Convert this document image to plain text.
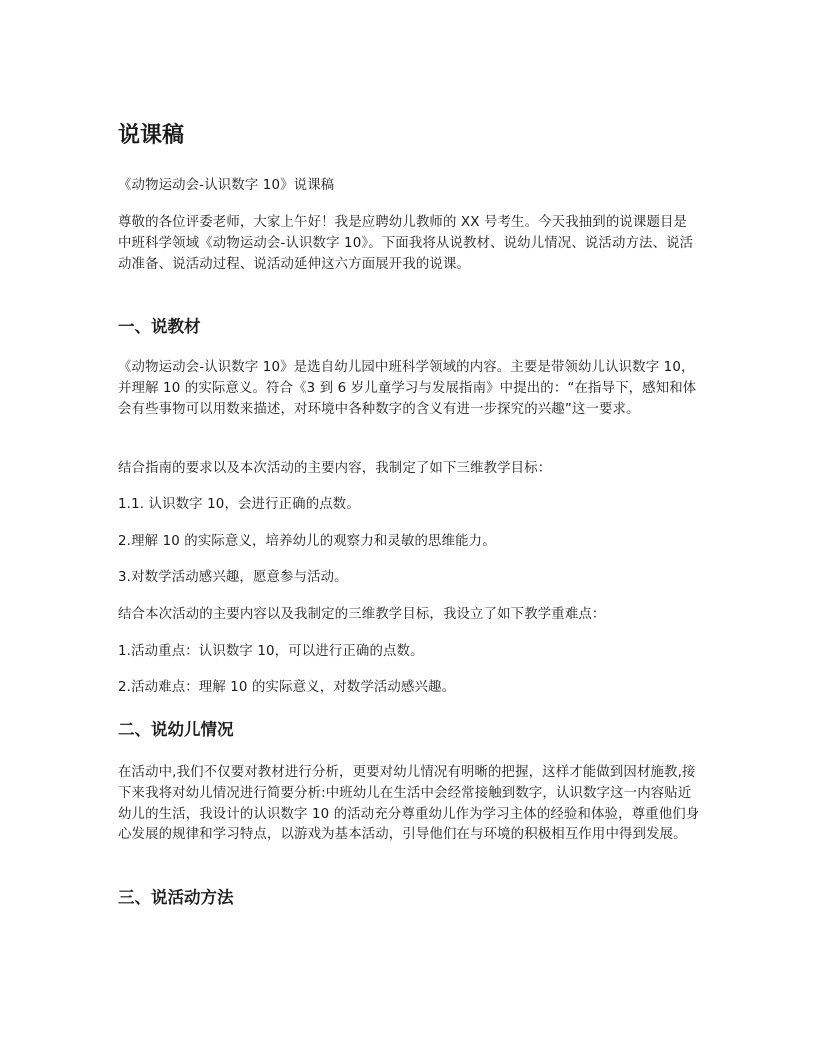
说课稿

《动物运动会-认识数字 10》说课稿

尊敬的各位评委老师，大家上午好！我是应聘幼儿教师的 XX 号考生。今天我抽到的说课题目是中班科学领域《动物运动会-认识数字 10》。下面我将从说教材、说幼儿情况、说活动方法、说活动准备、说活动过程、说活动延伸这六方面展开我的说课。

一、说教材

《动物运动会-认识数字 10》是选自幼儿园中班科学领域的内容。主要是带领幼儿认识数字 10，并理解 10 的实际意义。符合《3 到 6 岁儿童学习与发展指南》中提出的：“在指导下，感知和体会有些事物可以用数来描述，对环境中各种数字的含义有进一步探究的兴趣”这一要求。

结合指南的要求以及本次活动的主要内容，我制定了如下三维教学目标：

1.1. 认识数字 10，会进行正确的点数。

2.理解 10 的实际意义，培养幼儿的观察力和灵敏的思维能力。

3.对数学活动感兴趣，愿意参与活动。

结合本次活动的主要内容以及我制定的三维教学目标，我设立了如下教学重难点：

1.活动重点：认识数字 10，可以进行正确的点数。

2.活动难点：理解 10 的实际意义，对数学活动感兴趣。

二、说幼儿情况

在活动中,我们不仅要对教材进行分析，更要对幼儿情况有明晰的把握，这样才能做到因材施教,接下来我将对幼儿情况进行简要分析:中班幼儿在生活中会经常接触到数字，认识数字这一内容贴近幼儿的生活，我设计的认识数字 10 的活动充分尊重幼儿作为学习主体的经验和体验，尊重他们身心发展的规律和学习特点，以游戏为基本活动，引导他们在与环境的积极相互作用中得到发展。

三、说活动方法
